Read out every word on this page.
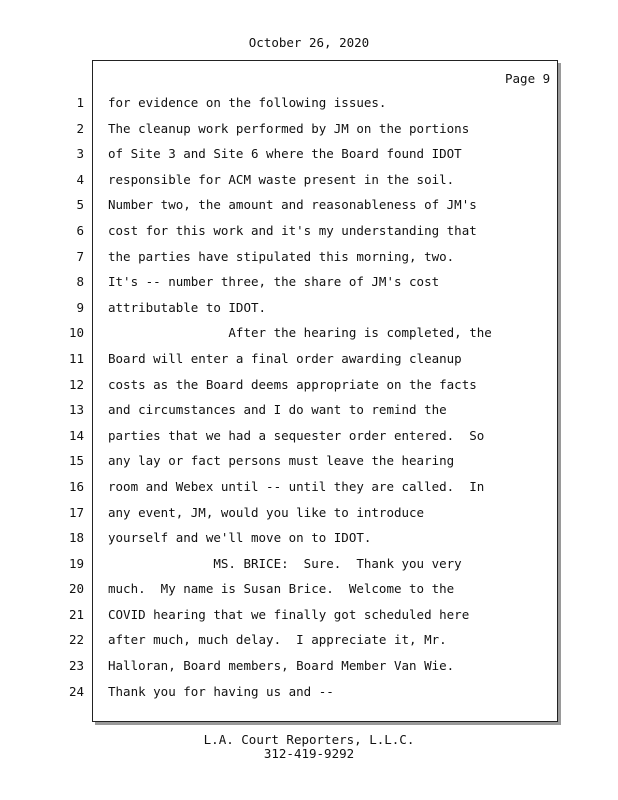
October 26, 2020
Page 9
1 for evidence on the following issues.
2 The cleanup work performed by JM on the portions
3 of Site 3 and Site 6 where the Board found IDOT
4 responsible for ACM waste present in the soil.
5 Number two, the amount and reasonableness of JM's
6 cost for this work and it's my understanding that
7 the parties have stipulated this morning, two.
8 It's -- number three, the share of JM's cost
9 attributable to IDOT.
10 After the hearing is completed, the
11 Board will enter a final order awarding cleanup
12 costs as the Board deems appropriate on the facts
13 and circumstances and I do want to remind the
14 parties that we had a sequester order entered.  So
15 any lay or fact persons must leave the hearing
16 room and Webex until -- until they are called.  In
17 any event, JM, would you like to introduce
18 yourself and we'll move on to IDOT.
19 MS. BRICE:  Sure.  Thank you very
20 much.  My name is Susan Brice.  Welcome to the
21 COVID hearing that we finally got scheduled here
22 after much, much delay.  I appreciate it, Mr.
23 Halloran, Board members, Board Member Van Wie.
24 Thank you for having us and --
L.A. Court Reporters, L.L.C.
312-419-9292
